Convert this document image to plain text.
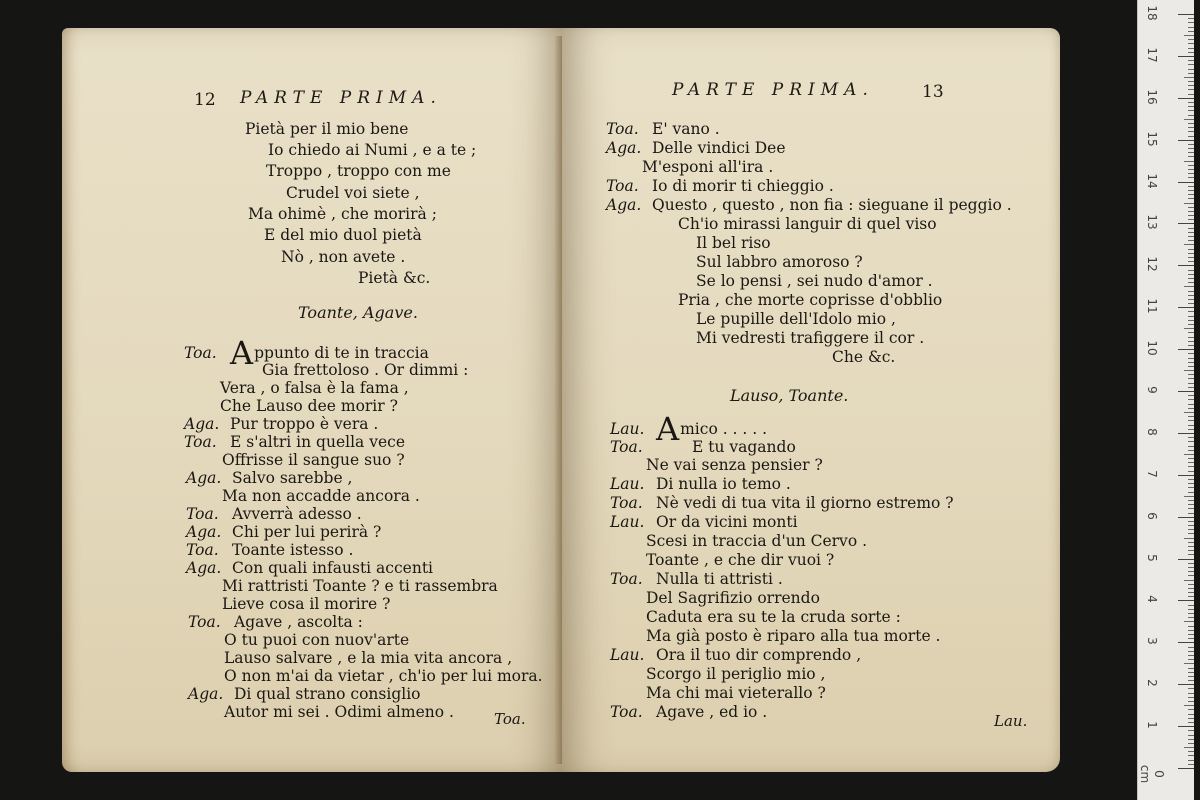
12 PARTE PRIMA.
Pietà per il mio bene
Io chiedo ai Numi , e a te ;
Troppo , troppo con me
Crudel voi siete ,
Ma ohimè , che morirà ;
E del mio duol pietà
Nò , non avete .
Pietà &c.
Toante, Agave.
Toa. Appunto di te in traccia
Gia frettoloso . Or dimmi :
Vera , o falsa è la fama ,
Che Lauso dee morir ?
Aga. Pur troppo è vera .
Toa. E s'altri in quella vece
Offrisse il sangue suo ?
Aga. Salvo sarebbe ,
Ma non accadde ancora .
Toa. Avverrà adesso .
Aga. Chi per lui perirà ?
Toa. Toante istesso .
Aga. Con quali infausti accenti
Mi rattristi Toante ? e ti rassembra
Lieve cosa il morire ?
Toa. Agave , ascolta :
O tu puoi con nuov'arte
Lauso salvare , e la mia vita ancora ,
O non m'ai da vietar , ch'io per lui mora.
Aga. Di qual strano consiglio
Autor mi sei . Odimi almeno .	Toa.
PARTE PRIMA.	13
Toa. E' vano .
Aga. Delle vindici Dee
M'esponi all'ira .
Toa. Io di morir ti chieggio .
Aga. Questo , questo , non fia : sieguane il peggio .
Ch'io mirassi languir di quel viso
Il bel riso
Sul labbro amoroso ?
Se lo pensi , sei nudo d'amor .
Pria , che morte coprisse d'obblio
Le pupille dell'Idolo mio ,
Mi vedresti trafiggere il cor .
Che &c.
Lauso, Toante.
Lau. Amico . . . . .
Toa.	E tu vagando
Ne vai senza pensier ?
Lau. Di nulla io temo .
Toa. Nè vedi di tua vita il giorno estremo ?
Lau. Or da vicini monti
Scesi in traccia d'un Cervo .
Toante , e che dir vuoi ?
Toa. Nulla ti attristi .
Del Sagrifizio orrendo
Caduta era su te la cruda sorte :
Ma già posto è riparo alla tua morte .
Lau. Ora il tuo dir comprendo ,
Scorgo il periglio mio ,
Ma chi mai vieterallo ?
Toa. Agave , ed io .	Lau.
18
17
16
15
14
13
12
11
10
9
8
7
6
5
4
3
2
1
0 cm
